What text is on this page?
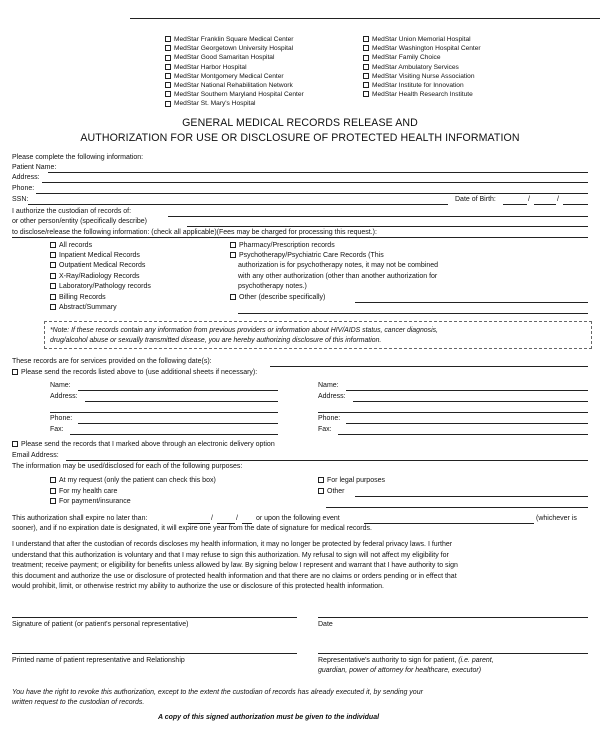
MedStar Franklin Square Medical Center
MedStar Georgetown University Hospital
MedStar Good Samaritan Hospital
MedStar Harbor Hospital
MedStar Montgomery Medical Center
MedStar National Rehabilitation Network
MedStar Southern Maryland Hospital Center
MedStar St. Mary's Hospital
MedStar Union Memorial Hospital
MedStar Washington Hospital Center
MedStar Family Choice
MedStar Ambulatory Services
MedStar Visiting Nurse Association
MedStar Institute for Innovation
MedStar Health Research Institute
GENERAL MEDICAL RECORDS RELEASE AND
AUTHORIZATION FOR USE OR DISCLOSURE OF PROTECTED HEALTH INFORMATION
Please complete the following information:
Patient Name:
Address:
Phone:
SSN:	Date of Birth:	/	/
I authorize the custodian of records of:
or other person/entity (specifically describe)
to disclose/release the following information: (check all applicable)(Fees may be charged for processing this request.):
All records
Inpatient Medical Records
Outpatient Medical Records
X-Ray/Radiology Records
Laboratory/Pathology records
Billing Records
Abstract/Summary
Pharmacy/Prescription records
Psychotherapy/Psychiatric Care Records (This
authorization is for psychotherapy notes, it may not be combined
with any other authorization (other than another authorization for
psychotherapy notes.)
Other (describe specifically)
*Note: If these records contain any information from previous providers or information about HIV/AIDS status, cancer diagnosis,
drug/alcohol abuse or sexually transmitted disease, you are hereby authorizing disclosure of this information.
These records are for services provided on the following date(s):
Please send the records listed above to (use additional sheets if necessary):
Name:
Address:
Phone:
Fax:
Name:
Address:
Phone:
Fax:
Please send the records that I marked above through an electronic delivery option
Email Address:
The information may be used/disclosed for each of the following purposes:
At my request (only the patient can check this box)
For my health care
For payment/insurance
For legal purposes
Other
This authorization shall expire no later than:	/	/	or upon the following event	(whichever is
sooner), and if no expiration date is designated, it will expire one year from the date of signature for medical records.
I understand that after the custodian of records discloses my health information, it may no longer be protected by federal privacy laws. I further
understand that this authorization is voluntary and that I may refuse to sign this authorization. My refusal to sign will not affect my eligibility for
treatment; receive payment; or eligibility for benefits unless allowed by law. By signing below I represent and warrant that I have authority to sign
this document and authorize the use or disclosure of protected health information and that there are no claims or orders pending or in effect that
would prohibit, limit, or otherwise restrict my ability to authorize the use or disclosure of this protected health information.
Signature of patient (or patient's personal representative)	Date
Printed name of patient representative and Relationship	Representative's authority to sign for patient, (i.e. parent,
guardian, power of attorney for healthcare, executor)
You have the right to revoke this authorization, except to the extent the custodian of records has already executed it, by sending your
written request to the custodian of records.
A copy of this signed authorization must be given to the individual
